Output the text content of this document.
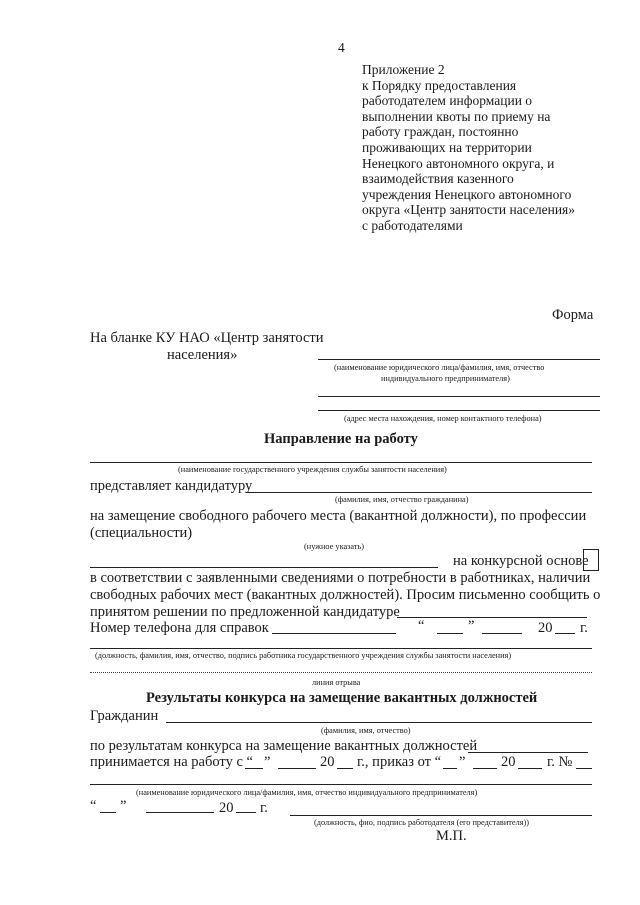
4
Приложение 2
к Порядку предоставления
работодателем информации о
выполнении квоты по приему на
работу граждан, постоянно
проживающих на территории
Ненецкого автономного округа, и
взаимодействия казенного
учреждения Ненецкого автономного
округа «Центр занятости населения»
с работодателями
Форма
На бланке КУ НАО «Центр занятости
населения»
(наименование юридического лица/фамилия, имя, отчество
индивидуального предпринимателя)
(адрес места нахождения, номер контактного телефона)
Направление на работу
(наименование государственного учреждения службы занятости населения)
представляет кандидатуру
(фамилия, имя, отчество гражданина)
на замещение свободного рабочего места (вакантной должности), по профессии
(специальности)
(нужное указать)
на конкурсной основе
в соответствии с заявленными сведениями о потребности в работниках, наличии
свободных рабочих мест (вакантных должностей). Просим письменно сообщить о
принятом решении по предложенной кандидатуре
Номер телефона для справок	“	”	20 г.
(должность, фамилия, имя, отчество, подпись работника государственного учреждения службы занятости населения)
линия отрыва
Результаты конкурса на замещение вакантных должностей
Гражданин
(фамилия, имя, отчество)
по результатам конкурса на замещение вакантных должностей
принимается на работу с “ ”	20 г., приказ от “ ” 20 г. №
(наименование юридического лица/фамилия, имя, отчество индивидуального предпринимателя)
“ ”	20 г.
(должность, фио, подпись работодателя (его представителя))
М.П.
